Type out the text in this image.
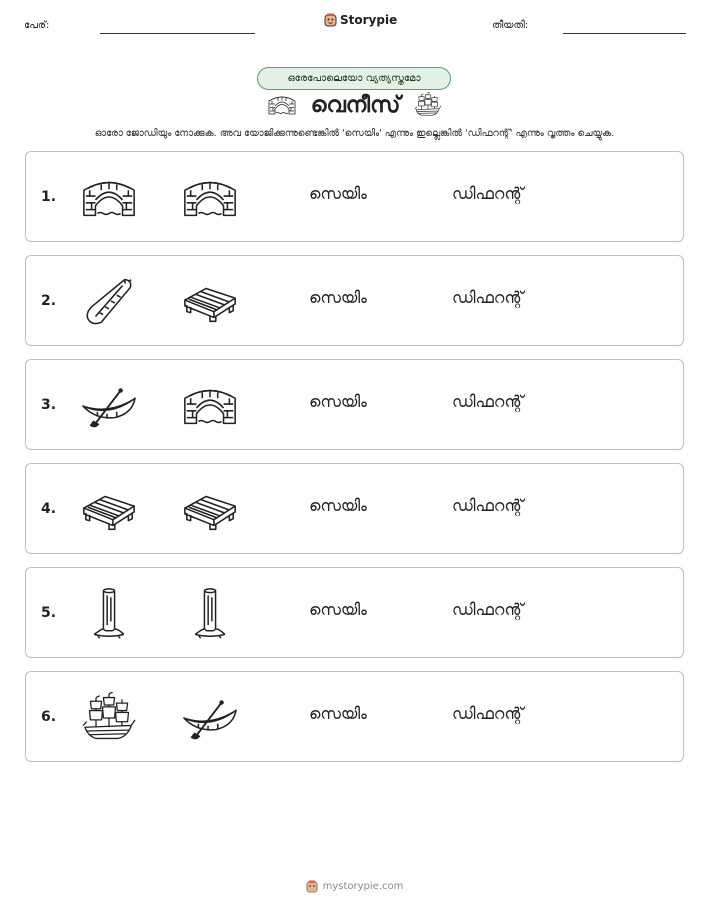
പേര്:	Storypie	തീയതി:
ഒരേപോലെയോ വ്യത്യസ്തമോ
വെനീസ്
ഓരോ ജോഡിയും നോക്കുക. അവ യോജിക്കുന്നുണ്ടെങ്കിൽ 'സെയിം' എന്നും ഇല്ലെങ്കിൽ 'ഡിഫറന്റ്' എന്നും വൃത്തം ചെയ്യുക.
1.	സെയിം	ഡിഫറന്റ്
2.	സെയിം	ഡിഫറന്റ്
3.	സെയിം	ഡിഫറന്റ്
4.	സെയിം	ഡിഫറന്റ്
5.	സെയിം	ഡിഫറന്റ്
6.	സെയിം	ഡിഫറന്റ്
mystorypie.com
